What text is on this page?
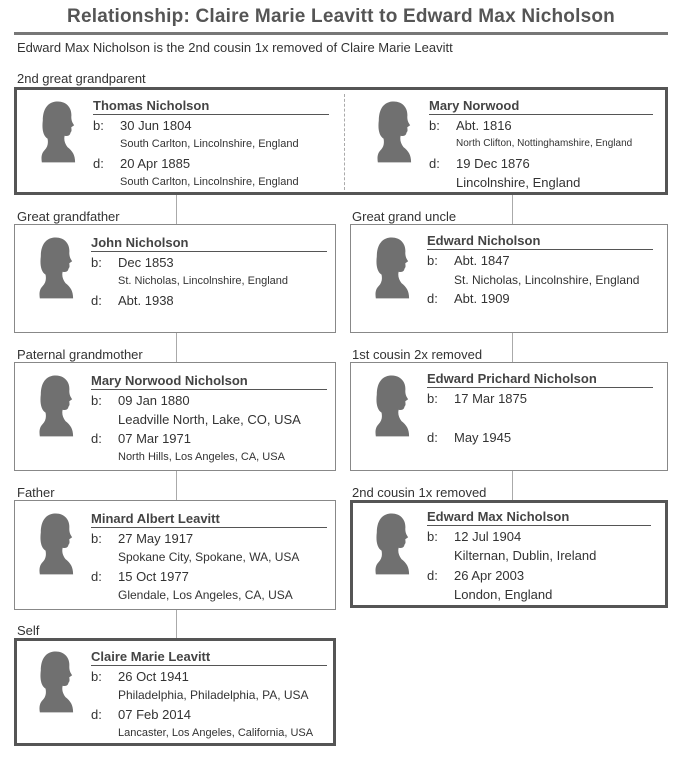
Relationship: Claire Marie Leavitt to Edward Max Nicholson
Edward Max Nicholson is the 2nd cousin 1x removed of Claire Marie Leavitt
2nd great grandparent
Thomas Nicholson
b: 30 Jun 1804
South Carlton, Lincolnshire, England
d: 20 Apr 1885
South Carlton, Lincolnshire, England
Mary Norwood
b: Abt. 1816
North Clifton, Nottinghamshire, England
d: 19 Dec 1876
Lincolnshire, England
Great grandfather
John Nicholson
b: Dec 1853
St. Nicholas, Lincolnshire, England
d: Abt. 1938
Great grand uncle
Edward Nicholson
b: Abt. 1847
St. Nicholas, Lincolnshire, England
d: Abt. 1909
Paternal grandmother
Mary Norwood Nicholson
b: 09 Jan 1880
Leadville North, Lake, CO, USA
d: 07 Mar 1971
North Hills, Los Angeles, CA, USA
1st cousin 2x removed
Edward Prichard Nicholson
b: 17 Mar 1875
d: May 1945
Father
Minard Albert Leavitt
b: 27 May 1917
Spokane City, Spokane, WA, USA
d: 15 Oct 1977
Glendale, Los Angeles, CA, USA
2nd cousin 1x removed
Edward Max Nicholson
b: 12 Jul 1904
Kilternan, Dublin, Ireland
d: 26 Apr 2003
London, England
Self
Claire Marie Leavitt
b: 26 Oct 1941
Philadelphia, Philadelphia, PA, USA
d: 07 Feb 2014
Lancaster, Los Angeles, California, USA
